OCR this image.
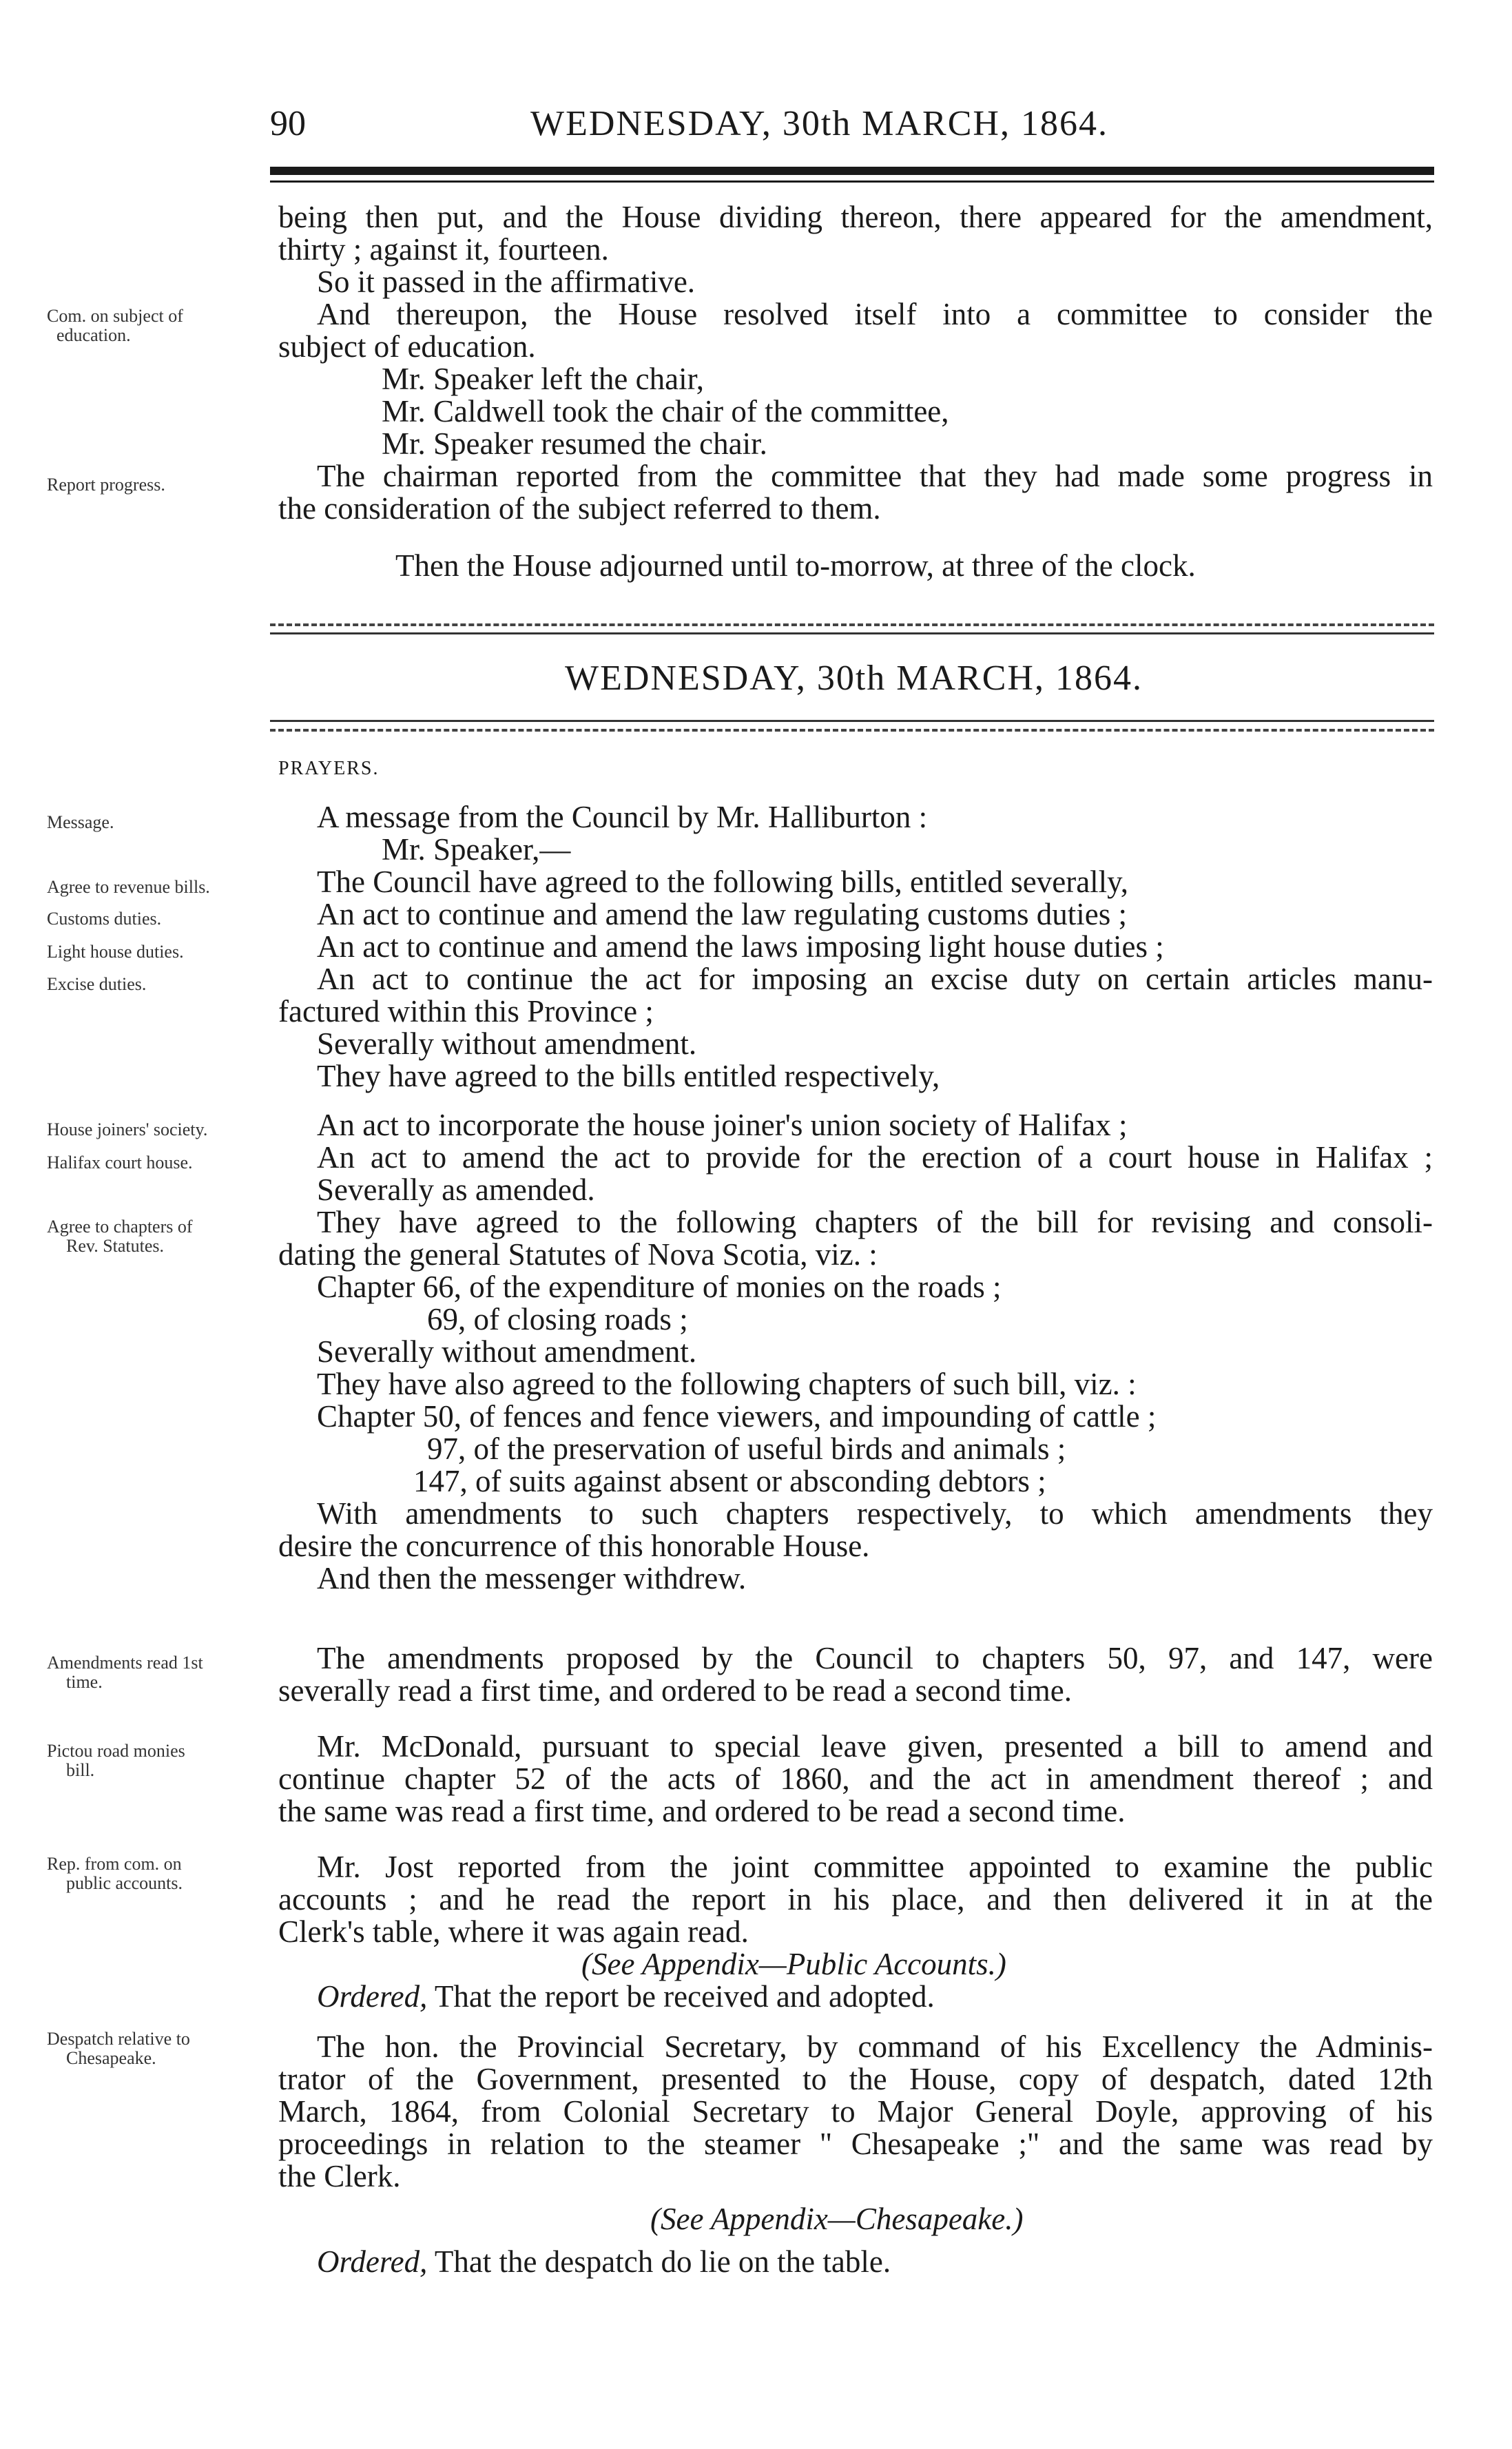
90	WEDNESDAY, 30th MARCH, 1864.
being then put, and the House dividing thereon, there appeared for the amendment,
thirty ; against it, fourteen.
So it passed in the affirmative.
And thereupon, the House resolved itself into a committee to consider the
subject of education.
Mr. Speaker left the chair,
Mr. Caldwell took the chair of the committee,
Mr. Speaker resumed the chair.
The chairman reported from the committee that they had made some progress in
the consideration of the subject referred to them.
Then the House adjourned until to-morrow, at three of the clock.
Com. on subject of
education.
Report progress.
WEDNESDAY, 30th MARCH, 1864.
PRAYERS.
Message.
Agree to revenue bills.
Customs duties.
Light house duties.
Excise duties.
House joiners' society.
Halifax court house.
Agree to chapters of
Rev. Statutes.
Amendments read 1st
time.
Pictou road monies
bill.
Rep. from com. on
public accounts.
Despatch relative to
Chesapeake.
A message from the Council by Mr. Halliburton :
Mr. Speaker,—
The Council have agreed to the following bills, entitled severally,
An act to continue and amend the law regulating customs duties ;
An act to continue and amend the laws imposing light house duties ;
An act to continue the act for imposing an excise duty on certain articles manu-
factured within this Province ;
Severally without amendment.
They have agreed to the bills entitled respectively,
An act to incorporate the house joiner's union society of Halifax ;
An act to amend the act to provide for the erection of a court house in Halifax ;
Severally as amended.
They have agreed to the following chapters of the bill for revising and consoli-
dating the general Statutes of Nova Scotia, viz. :
Chapter 66, of the expenditure of monies on the roads ;
69, of closing roads ;
Severally without amendment.
They have also agreed to the following chapters of such bill, viz. :
Chapter 50, of fences and fence viewers, and impounding of cattle ;
97, of the preservation of useful birds and animals ;
147, of suits against absent or absconding debtors ;
With amendments to such chapters respectively, to which amendments they
desire the concurrence of this honorable House.
And then the messenger withdrew.
The amendments proposed by the Council to chapters 50, 97, and 147, were
severally read a first time, and ordered to be read a second time.
Mr. McDonald, pursuant to special leave given, presented a bill to amend and
continue chapter 52 of the acts of 1860, and the act in amendment thereof ; and
the same was read a first time, and ordered to be read a second time.
Mr. Jost reported from the joint committee appointed to examine the public
accounts ; and he read the report in his place, and then delivered it in at the
Clerk's table, where it was again read.
(See Appendix—Public Accounts.)
Ordered, That the report be received and adopted.
The hon. the Provincial Secretary, by command of his Excellency the Adminis-
trator of the Government, presented to the House, copy of despatch, dated 12th
March, 1864, from Colonial Secretary to Major General Doyle, approving of his
proceedings in relation to the steamer " Chesapeake ;" and the same was read by
the Clerk.
(See Appendix—Chesapeake.)
Ordered, That the despatch do lie on the table.
